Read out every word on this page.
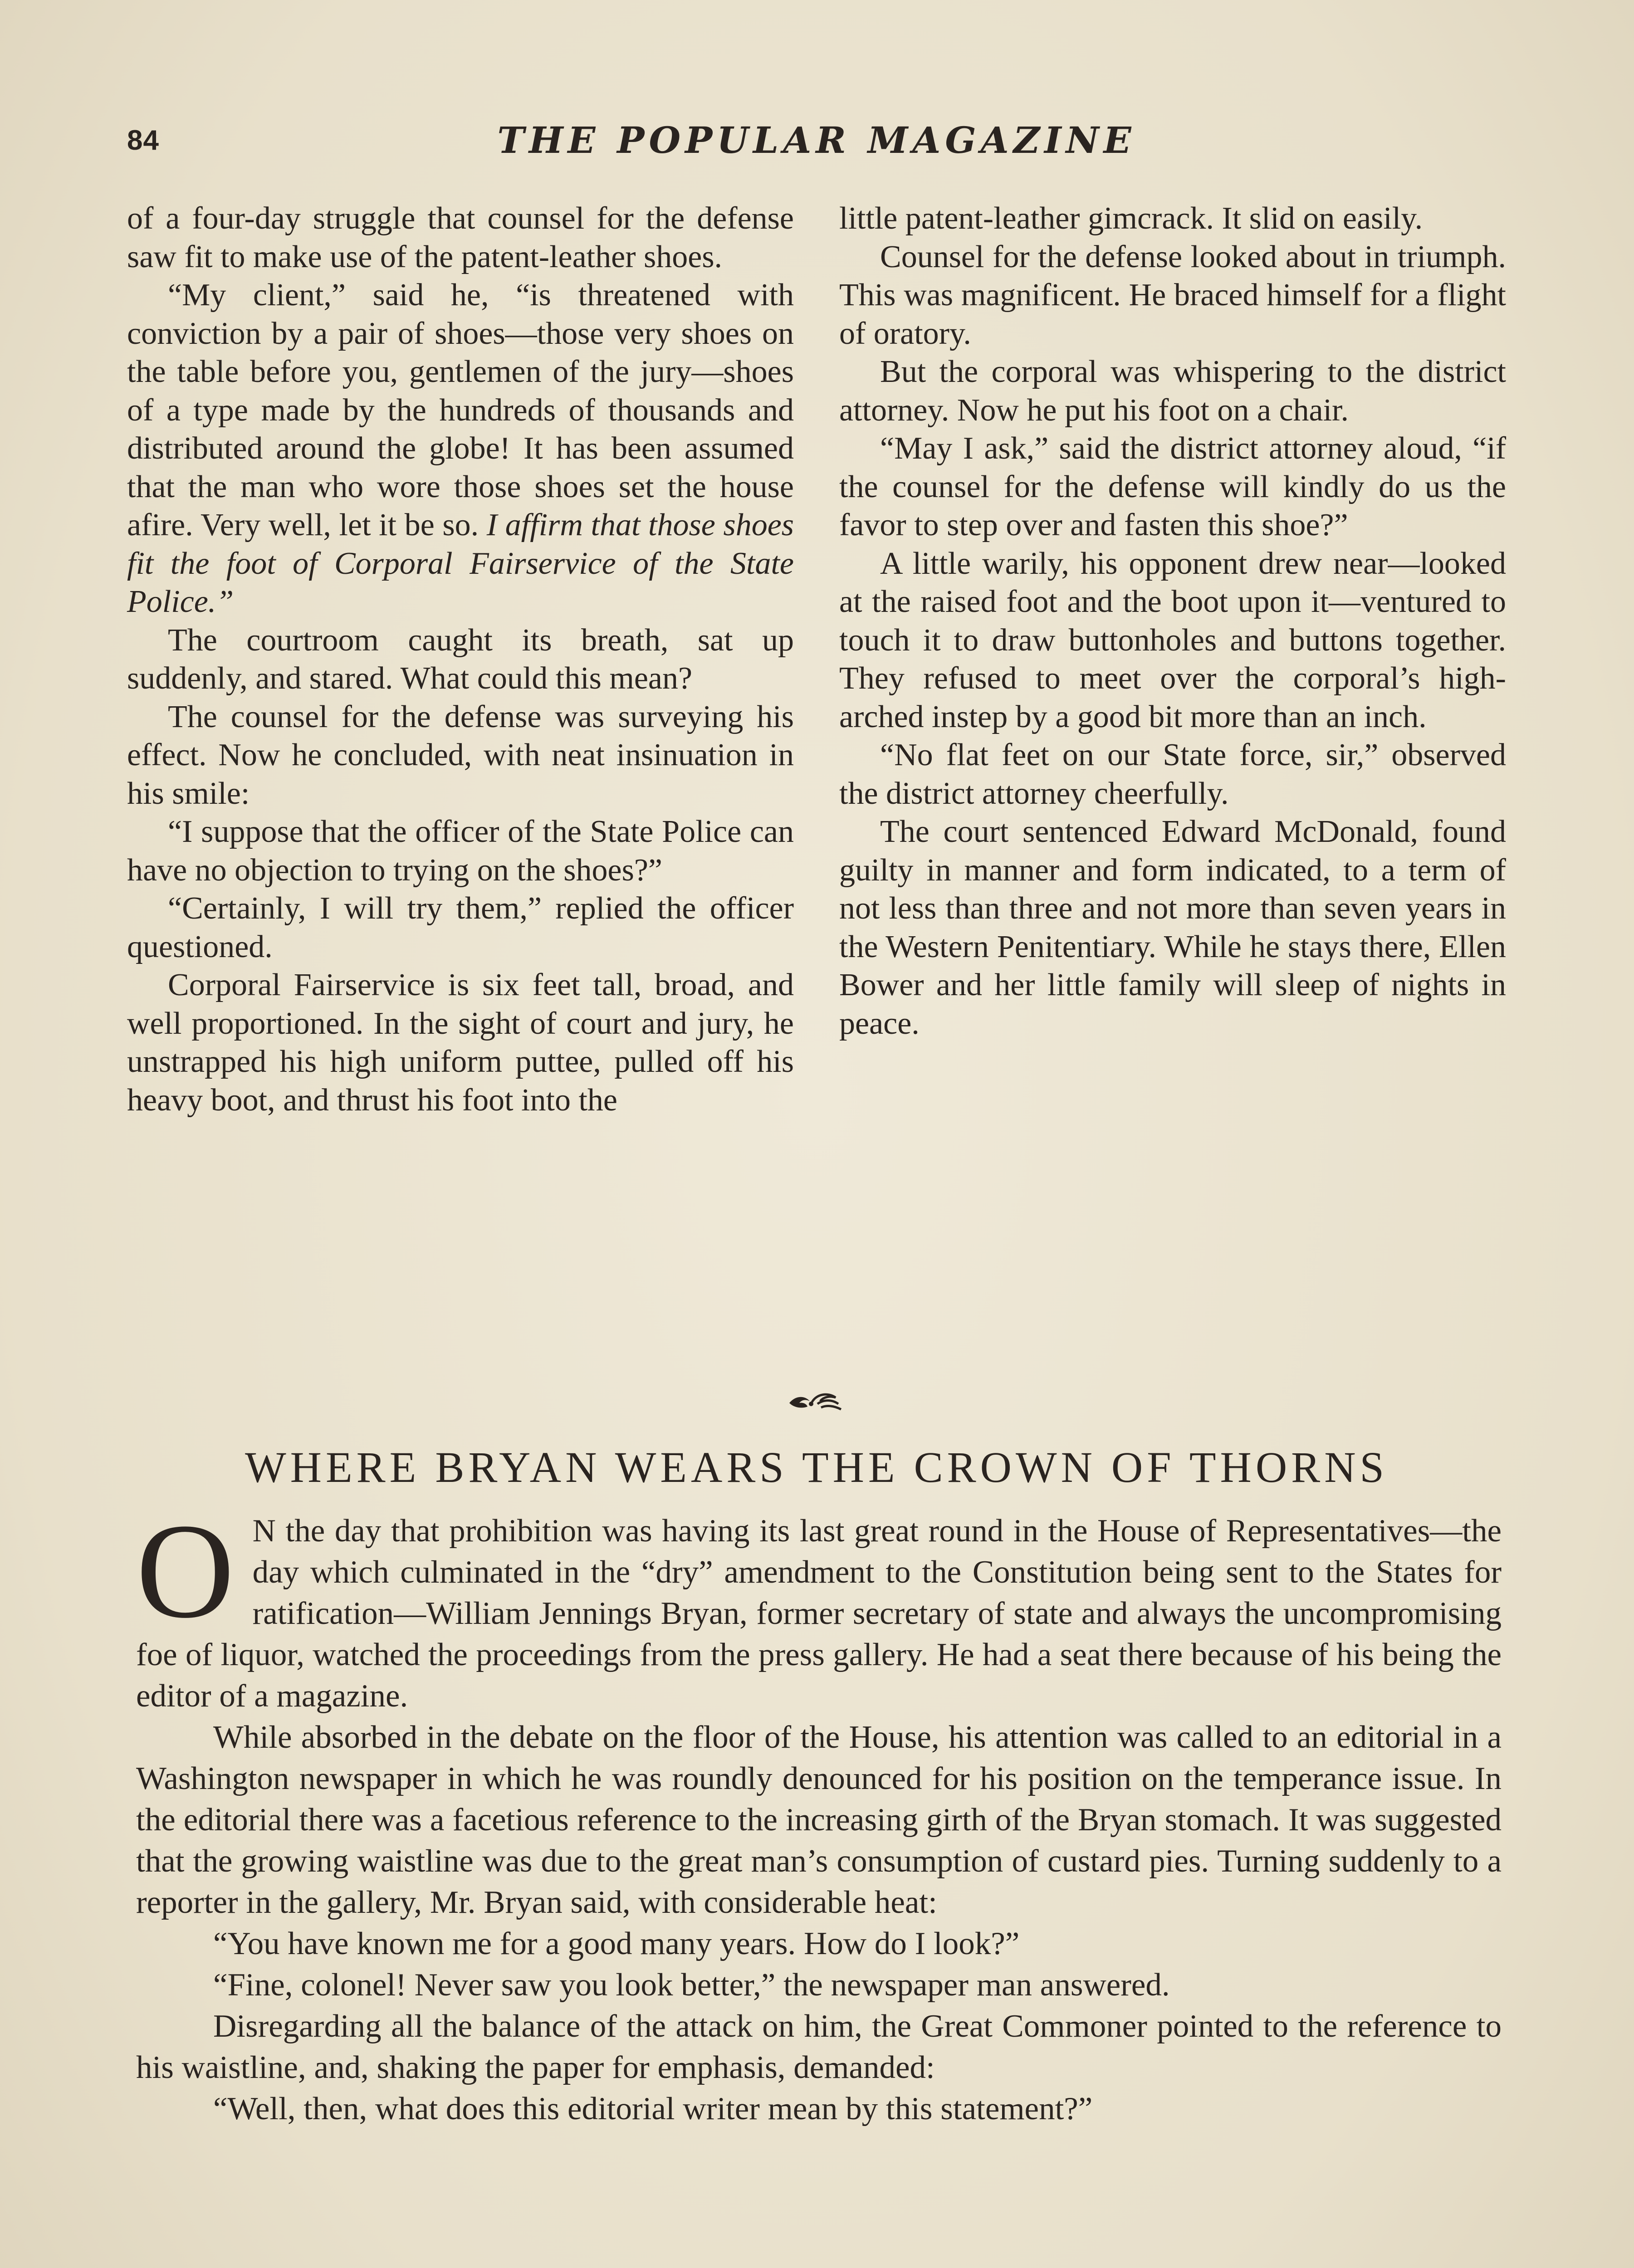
84	THE POPULAR MAGAZINE

of a four-day struggle that counsel for the defense saw fit to make use of the patent-leather shoes.

“My client,” said he, “is threatened with conviction by a pair of shoes—those very shoes on the table before you, gentlemen of the jury—shoes of a type made by the hundreds of thousands and distributed around the globe! It has been assumed that the man who wore those shoes set the house afire. Very well, let it be so. I affirm that those shoes fit the foot of Corporal Fairservice of the State Police.”

The courtroom caught its breath, sat up suddenly, and stared. What could this mean?

The counsel for the defense was surveying his effect. Now he concluded, with neat insinuation in his smile:

“I suppose that the officer of the State Police can have no objection to trying on the shoes?”

“Certainly, I will try them,” replied the officer questioned.

Corporal Fairservice is six feet tall, broad, and well proportioned. In the sight of court and jury, he unstrapped his high uniform puttee, pulled off his heavy boot, and thrust his foot into the

little patent-leather gimcrack. It slid on easily.

Counsel for the defense looked about in triumph. This was magnificent. He braced himself for a flight of oratory.

But the corporal was whispering to the district attorney. Now he put his foot on a chair.

“May I ask,” said the district attorney aloud, “if the counsel for the defense will kindly do us the favor to step over and fasten this shoe?”

A little warily, his opponent drew near—looked at the raised foot and the boot upon it—ventured to touch it to draw buttonholes and buttons together. They refused to meet over the corporal’s high-arched instep by a good bit more than an inch.

“No flat feet on our State force, sir,” observed the district attorney cheerfully.

The court sentenced Edward McDonald, found guilty in manner and form indicated, to a term of not less than three and not more than seven years in the Western Penitentiary. While he stays there, Ellen Bower and her little family will sleep of nights in peace.

WHERE BRYAN WEARS THE CROWN OF THORNS

O N the day that prohibition was having its last great round in the House of Representatives—the day which culminated in the “dry” amendment to the Constitution being sent to the States for ratification—William Jennings Bryan, former secretary of state and always the uncompromising foe of liquor, watched the proceedings from the press gallery. He had a seat there because of his being the editor of a magazine.

While absorbed in the debate on the floor of the House, his attention was called to an editorial in a Washington newspaper in which he was roundly denounced for his position on the temperance issue. In the editorial there was a facetious reference to the increasing girth of the Bryan stomach. It was suggested that the growing waistline was due to the great man’s consumption of custard pies. Turning suddenly to a reporter in the gallery, Mr. Bryan said, with considerable heat:

“You have known me for a good many years. How do I look?”

“Fine, colonel! Never saw you look better,” the newspaper man answered.

Disregarding all the balance of the attack on him, the Great Commoner pointed to the reference to his waistline, and, shaking the paper for emphasis, demanded:

“Well, then, what does this editorial writer mean by this statement?”
